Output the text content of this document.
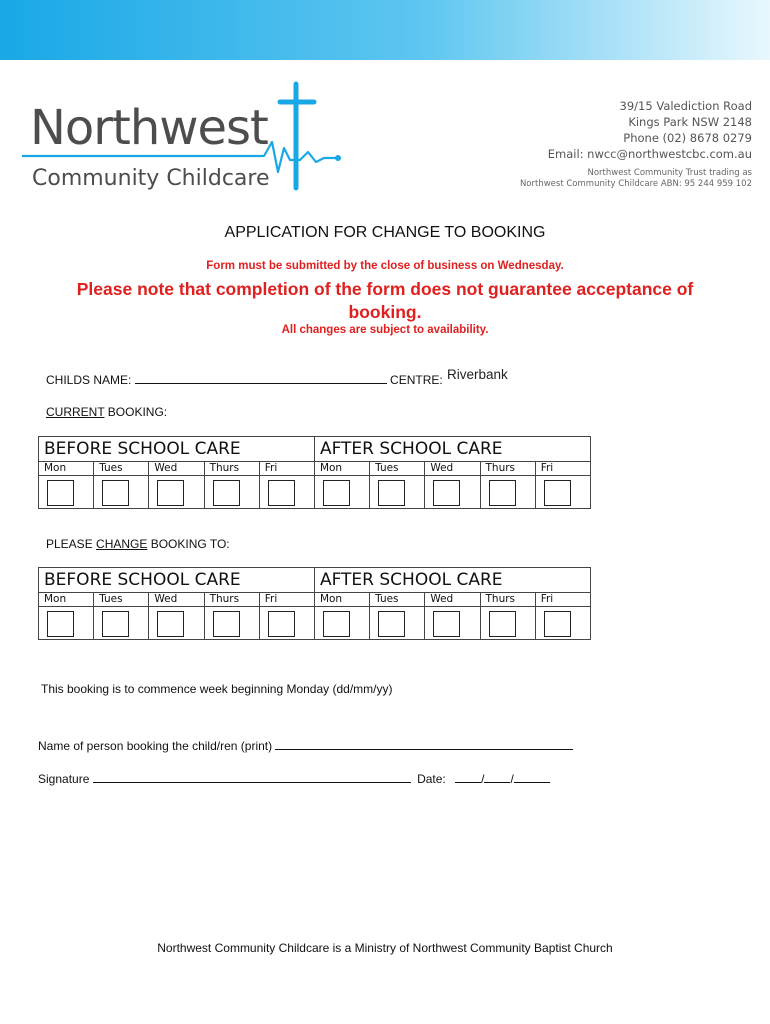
Northwest
Community Childcare
39/15 Valediction Road
Kings Park NSW 2148
Phone (02) 8678 0279
Email: nwcc@northwestcbc.com.au
Northwest Community Trust trading as
Northwest Community Childcare ABN: 95 244 959 102
APPLICATION FOR CHANGE TO BOOKING
Form must be submitted by the close of business on Wednesday.
Please note that completion of the form does not guarantee acceptance of booking.
All changes are subject to availability.
CHILDS NAME:	CENTRE: Riverbank
CURRENT BOOKING:
BEFORE SCHOOL CARE					AFTER SCHOOL CARE				
Mon	Tues	Wed	Thurs	Fri	Mon	Tues	Wed	Thurs	Fri

PLEASE CHANGE BOOKING TO:
BEFORE SCHOOL CARE					AFTER SCHOOL CARE				
Mon	Tues	Wed	Thurs	Fri	Mon	Tues	Wed	Thurs	Fri

This booking is to commence week beginning Monday (dd/mm/yy)
Name of person booking the child/ren (print)
Signature	Date:	/ /
Northwest Community Childcare is a Ministry of Northwest Community Baptist Church
